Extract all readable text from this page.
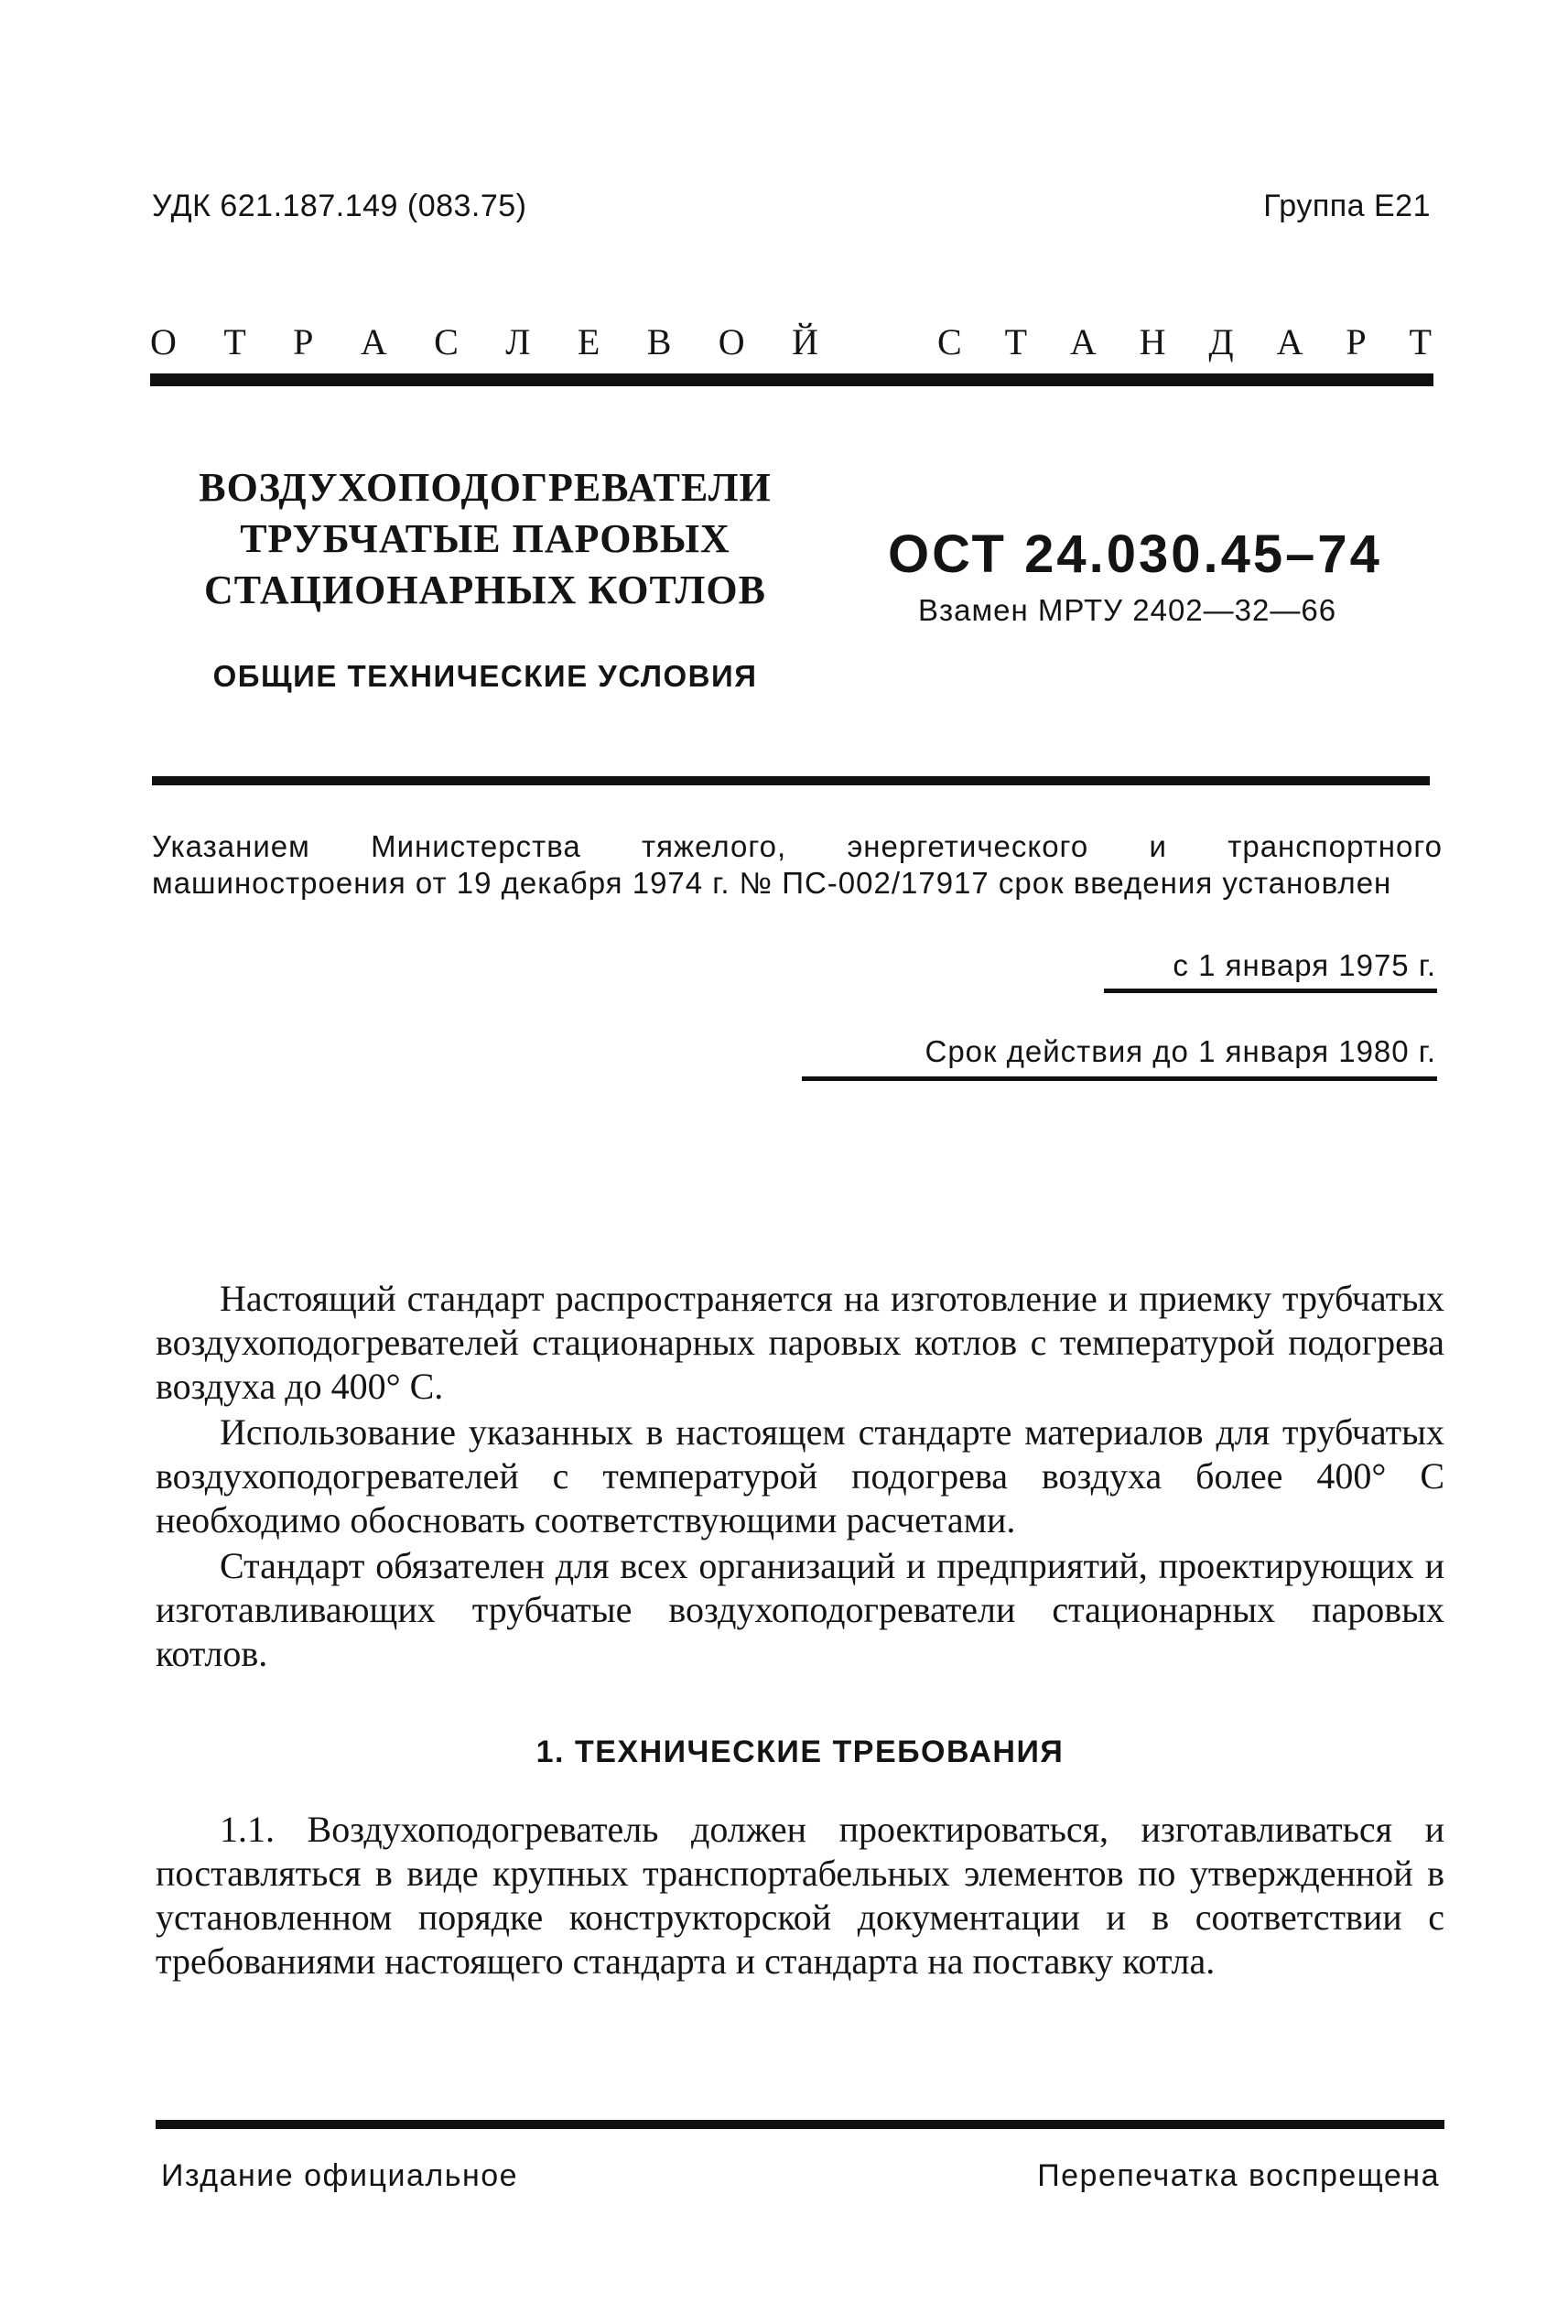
УДК 621.187.149 (083.75)	Группа Е21
О Т Р А С Л Е В О Й	С Т А Н Д А Р Т
ВОЗДУХОПОДОГРЕВАТЕЛИ
ТРУБЧАТЫЕ ПАРОВЫХ
СТАЦИОНАРНЫХ КОТЛОВ
ОСТ 24.030.45–74
Взамен МРТУ 2402—32—66
ОБЩИЕ ТЕХНИЧЕСКИЕ УСЛОВИЯ
Указанием Министерства тяжелого, энергетического и транспортного машиностроения от 19 декабря 1974 г. № ПС-002/17917 срок введения установлен
с 1 января 1975 г.
Срок действия до 1 января 1980 г.

Настоящий стандарт распространяется на изготовление и приемку трубчатых воздухоподогревателей стационарных паровых котлов с температурой подогрева воздуха до 400° С.

Использование указанных в настоящем стандарте материалов для трубчатых воздухоподогревателей с температурой подогрева воздуха более 400° С необходимо обосновать соответствующими расчетами.

Стандарт обязателен для всех организаций и предприятий, проектирующих и изготавливающих трубчатые воздухоподогреватели стационарных паровых котлов.

1. ТЕХНИЧЕСКИЕ ТРЕБОВАНИЯ

1.1. Воздухоподогреватель должен проектироваться, изготавливаться и поставляться в виде крупных транспортабельных элементов по утвержденной в установленном порядке конструкторской документации и в соответствии с требованиями настоящего стандарта и стандарта на поставку котла.

Издание официальное	Перепечатка воспрещена
